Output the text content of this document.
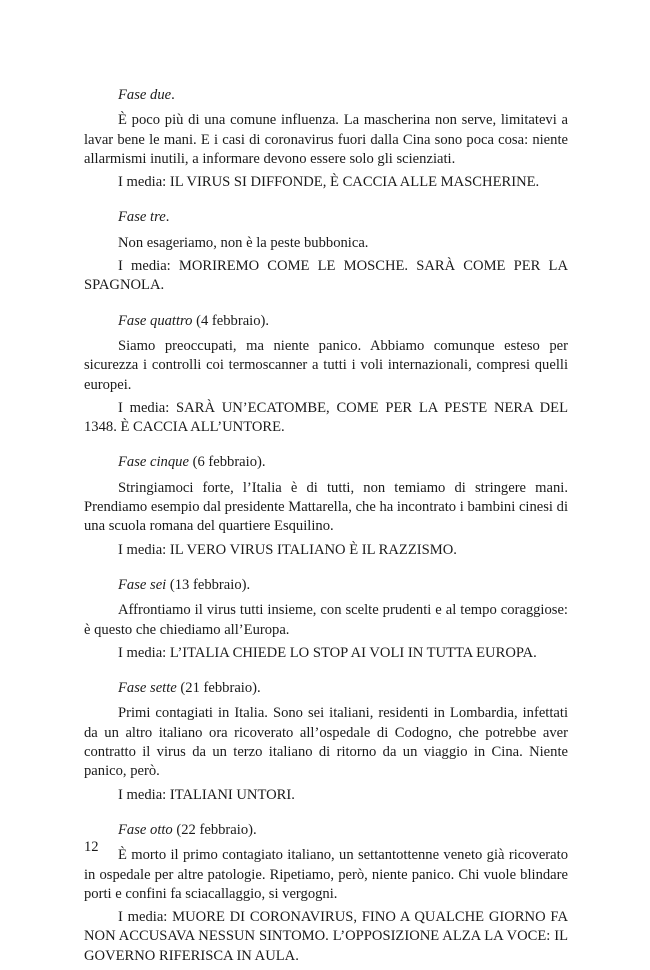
Fase due.

È poco più di una comune influenza. La mascherina non serve, limitatevi a lavar bene le mani. E i casi di coronavirus fuori dalla Cina sono poca cosa: niente allarmismi inutili, a informare devono essere solo gli scienziati.

I media: IL VIRUS SI DIFFONDE, È CACCIA ALLE MASCHERINE.

Fase tre.

Non esageriamo, non è la peste bubbonica.

I media: MORIREMO COME LE MOSCHE. SARÀ COME PER LA SPAGNOLA.

Fase quattro (4 febbraio).

Siamo preoccupati, ma niente panico. Abbiamo comunque esteso per sicurezza i controlli coi termoscanner a tutti i voli internazionali, compresi quelli europei.

I media: SARÀ UN’ECATOMBE, COME PER LA PESTE NERA DEL 1348. È CACCIA ALL’UNTORE.

Fase cinque (6 febbraio).

Stringiamoci forte, l’Italia è di tutti, non temiamo di stringere mani. Prendiamo esempio dal presidente Mattarella, che ha incontrato i bambini cinesi di una scuola romana del quartiere Esquilino.

I media: IL VERO VIRUS ITALIANO È IL RAZZISMO.

Fase sei (13 febbraio).

Affrontiamo il virus tutti insieme, con scelte prudenti e al tempo coraggiose: è questo che chiediamo all’Europa.

I media: L’ITALIA CHIEDE LO STOP AI VOLI IN TUTTA EUROPA.

Fase sette (21 febbraio).

Primi contagiati in Italia. Sono sei italiani, residenti in Lombardia, infettati da un altro italiano ora ricoverato all’ospedale di Codogno, che potrebbe aver contratto il virus da un terzo italiano di ritorno da un viaggio in Cina. Niente panico, però.

I media: ITALIANI UNTORI.

Fase otto (22 febbraio).

È morto il primo contagiato italiano, un settantottenne veneto già ricoverato in ospedale per altre patologie. Ripetiamo, però, niente panico. Chi vuole blindare porti e confini fa sciacallaggio, si vergogni.

I media: MUORE DI CORONAVIRUS, FINO A QUALCHE GIORNO FA NON ACCUSAVA NESSUN SINTOMO. L’OPPOSIZIONE ALZA LA VOCE: IL GOVERNO RIFERISCA IN AULA.

12
